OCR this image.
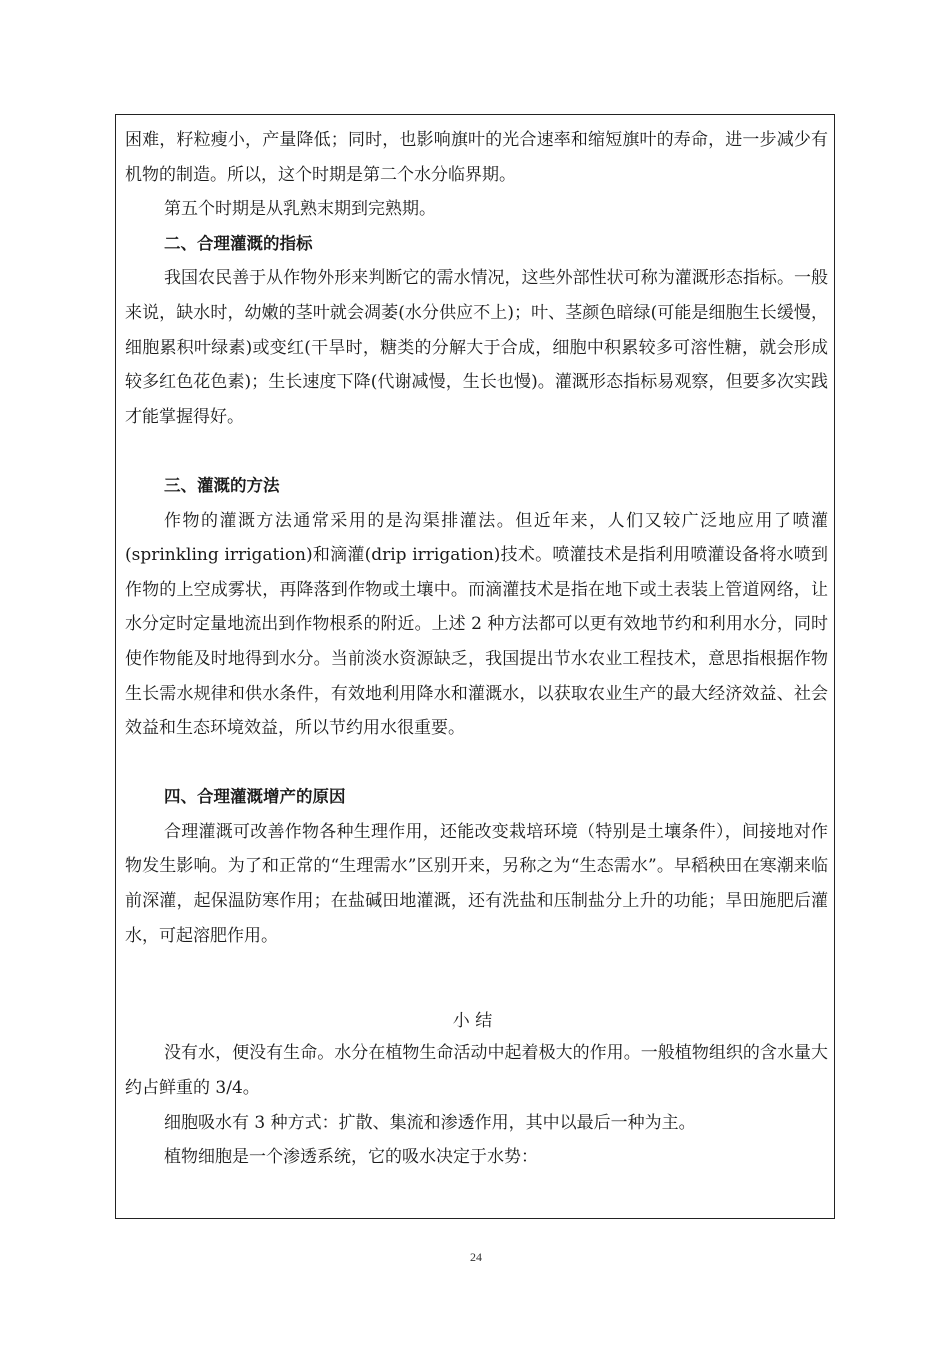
困难，籽粒瘦小，产量降低；同时，也影响旗叶的光合速率和缩短旗叶的寿命，进一步减少有机物的制造。所以，这个时期是第二个水分临界期。

第五个时期是从乳熟末期到完熟期。

二、合理灌溉的指标

我国农民善于从作物外形来判断它的需水情况，这些外部性状可称为灌溉形态指标。一般来说，缺水时，幼嫩的茎叶就会凋萎(水分供应不上)；叶、茎颜色暗绿(可能是细胞生长缓慢，细胞累积叶绿素)或变红(干旱时，糖类的分解大于合成，细胞中积累较多可溶性糖，就会形成较多红色花色素)；生长速度下降(代谢减慢，生长也慢)。灌溉形态指标易观察，但要多次实践才能掌握得好。

三、灌溉的方法

作物的灌溉方法通常采用的是沟渠排灌法。但近年来，人们又较广泛地应用了喷灌(sprinkling irrigation)和滴灌(drip irrigation)技术。喷灌技术是指利用喷灌设备将水喷到作物的上空成雾状，再降落到作物或土壤中。而滴灌技术是指在地下或土表装上管道网络，让水分定时定量地流出到作物根系的附近。上述 2 种方法都可以更有效地节约和利用水分，同时使作物能及时地得到水分。当前淡水资源缺乏，我国提出节水农业工程技术，意思指根据作物生长需水规律和供水条件，有效地利用降水和灌溉水，以获取农业生产的最大经济效益、社会效益和生态环境效益，所以节约用水很重要。

四、合理灌溉增产的原因

合理灌溉可改善作物各种生理作用，还能改变栽培环境（特别是土壤条件），间接地对作物发生影响。为了和正常的“生理需水”区别开来，另称之为“生态需水”。早稻秧田在寒潮来临前深灌，起保温防寒作用；在盐碱田地灌溉，还有洗盐和压制盐分上升的功能；旱田施肥后灌水，可起溶肥作用。

小 结

没有水，便没有生命。水分在植物生命活动中起着极大的作用。一般植物组织的含水量大约占鲜重的 3/4。

细胞吸水有 3 种方式：扩散、集流和渗透作用，其中以最后一种为主。

植物细胞是一个渗透系统，它的吸水决定于水势：

24
